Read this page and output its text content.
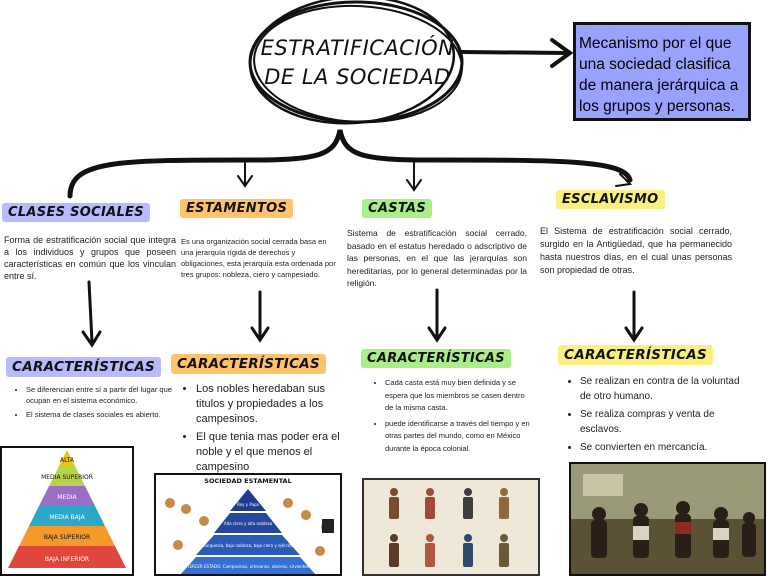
ESTRATIFICACIÓN
DE LA SOCIEDAD
Mecanismo por el que una sociedad clasifica de manera jerárquica a los grupos y personas.
CLASES SOCIALES
Forma de estratificación social que integra a los individuos y grupos que poseen características en común que los vinculan entre sí.
CARACTERÍSTICAS
• Se diferencian entre sí a partir del lugar que ocupan en el sistema económico.
• El sistema de clases sociales es abierto.
ALTA
MEDIA SUPERIOR
MEDIA
MEDIA BAJA
BAJA SUPERIOR
BAJA INFERIOR
ESTAMENTOS
Es una organización social cerrada basa en una jerarquía rígida de derechos y obligaciones, esta jerarquía esta ordenada por tres grupos: nobleza, ciero y campesiado.
CARACTERÍSTICAS
• Los nobles heredaban sus titulos y propiedades a los campesinos.
• El que tenia mas poder era el noble y el que menos el campesino
SOCIEDAD ESTAMENTAL
Rey y Papa
Alto clero y alta nobleza
Burguesía, bajo nobleza, bajo clero y ejército
TERCER ESTADO: Campesinos, artesanos, obreros, sirvientes
CASTAS
Sistema de estratificación social cerrado, basado en el estatus heredado o adscriptivo de las personas, en el que las jerarquías son hereditarias, por lo general determinadas por la religión.
CARACTERÍSTICAS
• Cada casta está muy bien definida y se espera que los miembros se casen dentro de la misma casta.
• puede identificarse a través del tiempo y en otras partes del mundo, como en México durante la época colonial.
ESCLAVISMO
El Sistema de estratificación social cerrado, surgido en la Antigüedad, que ha permanecido hasta nuestros días, en el cual unas personas son propiedad de otras.
CARACTERÍSTICAS
• Se realizan en contra de la voluntad de otro humano.
• Se realiza compras y venta de esclavos.
• Se convierten en mercancía.
